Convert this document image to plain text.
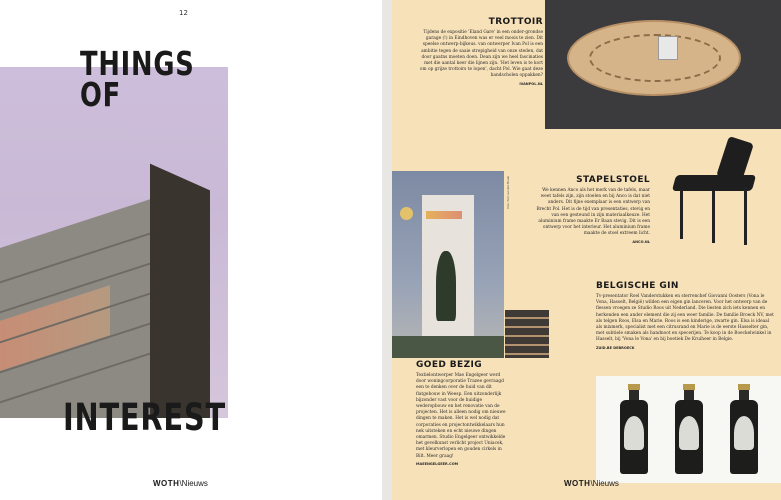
12
THINGS
OF
INTEREST
WOTH\Nieuws
TROTTOIR

Tijdens de expositie 'Eland Gare' in een onder-grondse garage (!) in Eindhoven was er veel moois te zien. Dit speelse ontwerp-bijkeus. van ontwerper Ivan Pol is een ambitie tegen de saaie strepigheid van onze steden, dat door gaatns moeten doen. Dean zijn we heel fascinaties met die aantal keer die lijnen zijn. 'Het leven is te kort om op grijze trottoirs te lopen', dacht Pol. Wie gaat deze handscholen oppakken?

IVANPOL.NL
STAPELSTOEL

We kennen Anco als het merk van de tafels, maar weet tafels zijn, zijn stoelen en bij Anco is dat niet anders. Dit fijne exemplaar is een ontwerp van Brecht Pol. Het is de tijd van presentaties, stevig en van een gesteund in zijn materiaalkeuze. Het aluminium frame maakte Er Baan stevig. Dit is een ontwerp voor het interieur. Het aluminium frame maakte de stoel extreem licht.

ANCO.NL
foto: Tom van den Broek
BELGISCHE GIN

Tv-presentator Roel Vanderstukken en sterrenchef Giovanni Oosters (Vona le Vona, Hasselt, België) wilden een eigen gin lanceren. Voor het ontwerp van de flessen vroegen ze Studio Roos uit Nederland. Die liesten zich iets kennen en herkenden een ander element die zij een weer familie. De familie Broeck NV, met als telgen Roos, Elsa en Marie. Roos is een kinderige, zwarte gin. Elsa is ideaal als mixmerk, specialist met een citrusrand en Marie is de eerste Hasselter gin, met subtiele smaken als handnoot en specerijen. Te koop in de Boeckelwinkel in Hasselt, bij 'Vona le Vona' en bij boetiek De Kruiheer in Belgie.

ZUID.BE DEBROECK
GOED BEZIG

Textielontwerper Mae Engelgeer werd door woningcorporatie Trazee gevraagd een te denken over de huid van dit flatgebouw in Weesp. Een uitzonderlijk bijzonder vast voor de huidige wederopbouw en het renovatie van de projecten. Het is alleen nodig om nieuwe dingen te maken. Het is wel nodig dat corporaties en projectontwikkelaars hun nek uitsteken en echt nieuwe dingen omarmen. Studio Engelgeer ontwikkelde het gevelkunst verlicht project Uniacek, met kleurverlopen en gouden cirkels in Bilt. Meer graag!

MAEENGELGEER.COM
WOTH\Nieuws
